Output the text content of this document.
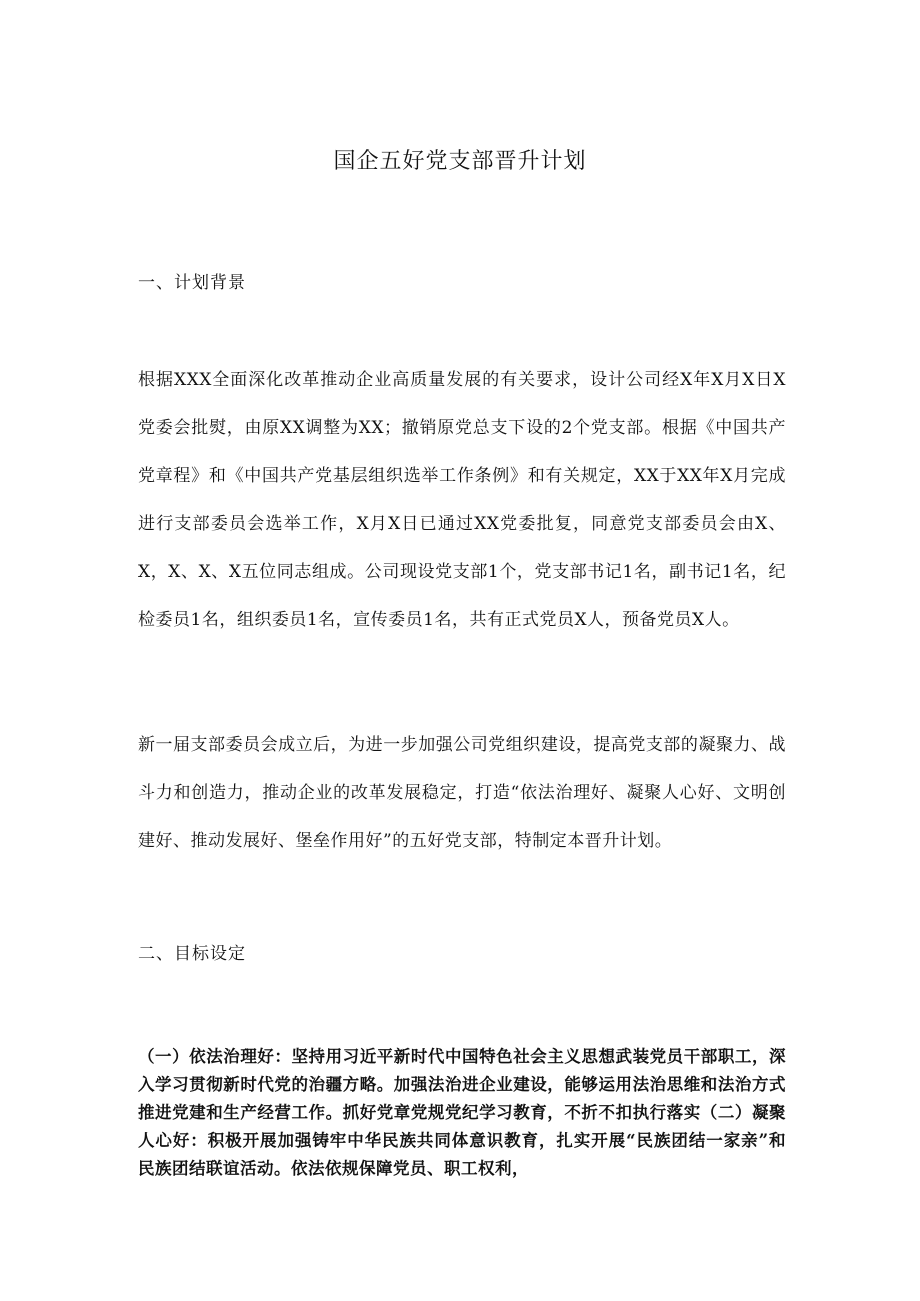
国企五好党支部晋升计划
一、计划背景

根据XXX全面深化改革推动企业高质量发展的有关要求，设计公司经X年X月X日X党委会批熨，由原XX调整为XX；撤销原党总支下设的2个党支部。根据《中国共产党章程》和《中国共产党基层组织选举工作条例》和有关规定，XX于XX年X月完成进行支部委员会选举工作，X月X日已通过XX党委批复，同意党支部委员会由X、X，X、X、X五位同志组成。公司现设党支部1个，党支部书记1名，副书记1名，纪检委员1名，组织委员1名，宣传委员1名，共有正式党员X人，预备党员X人。

新一届支部委员会成立后，为进一步加强公司党组织建设，提高党支部的凝聚力、战斗力和创造力，推动企业的改革发展稳定，打造“依法治理好、凝聚人心好、文明创建好、推动发展好、堡垒作用好”的五好党支部，特制定本晋升计划。

二、目标设定

（一）依法治理好：坚持用习近平新时代中国特色社会主义思想武装党员干部职工，深入学习贯彻新时代党的治疆方略。加强法治进企业建设，能够运用法治思维和法治方式推进党建和生产经营工作。抓好党章党规党纪学习教育，不折不扣执行落实（二）凝聚人心好：积极开展加强铸牢中华民族共同体意识教育，扎实开展“民族团结一家亲”和民族团结联谊活动。依法依规保障党员、职工权利，
